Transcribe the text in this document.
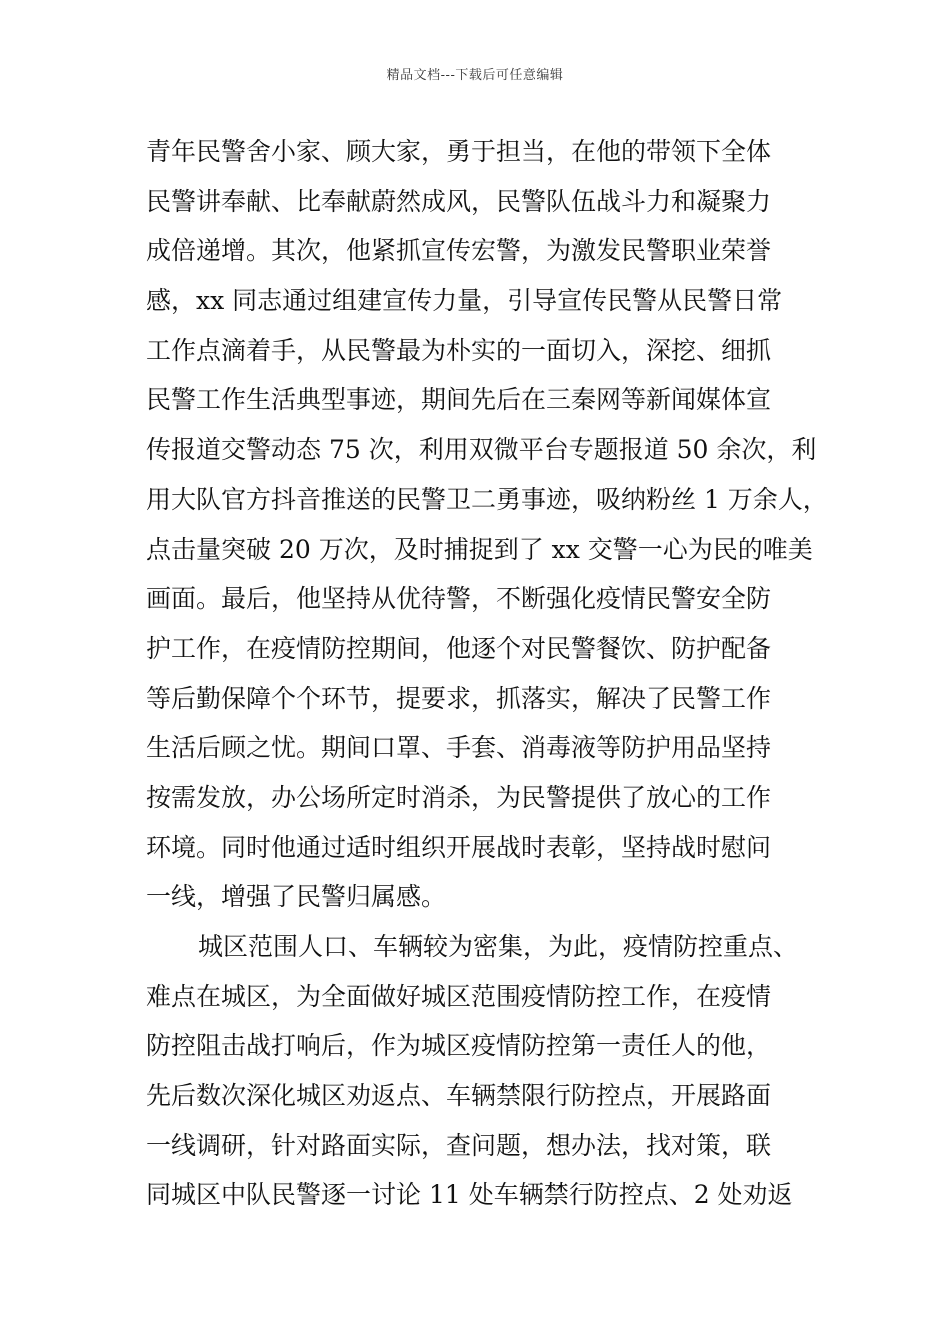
精品文档---下载后可任意编辑
青年民警舍小家、顾大家，勇于担当，在他的带领下全体
民警讲奉献、比奉献蔚然成风，民警队伍战斗力和凝聚力
成倍递增。其次，他紧抓宣传宏警，为激发民警职业荣誉
感，xx 同志通过组建宣传力量，引导宣传民警从民警日常
工作点滴着手，从民警最为朴实的一面切入，深挖、细抓
民警工作生活典型事迹，期间先后在三秦网等新闻媒体宣
传报道交警动态 75 次，利用双微平台专题报道 50 余次，利
用大队官方抖音推送的民警卫二勇事迹，吸纳粉丝 1 万余人，
点击量突破 20 万次，及时捕捉到了 xx 交警一心为民的唯美
画面。最后，他坚持从优待警，不断强化疫情民警安全防
护工作，在疫情防控期间，他逐个对民警餐饮、防护配备
等后勤保障个个环节，提要求，抓落实，解决了民警工作
生活后顾之忧。期间口罩、手套、消毒液等防护用品坚持
按需发放，办公场所定时消杀，为民警提供了放心的工作
环境。同时他通过适时组织开展战时表彰，坚持战时慰问
一线，增强了民警归属感。
城区范围人口、车辆较为密集，为此，疫情防控重点、
难点在城区，为全面做好城区范围疫情防控工作，在疫情
防控阻击战打响后，作为城区疫情防控第一责任人的他，
先后数次深化城区劝返点、车辆禁限行防控点，开展路面
一线调研，针对路面实际，查问题，想办法，找对策，联
同城区中队民警逐一讨论 11 处车辆禁行防控点、2 处劝返
